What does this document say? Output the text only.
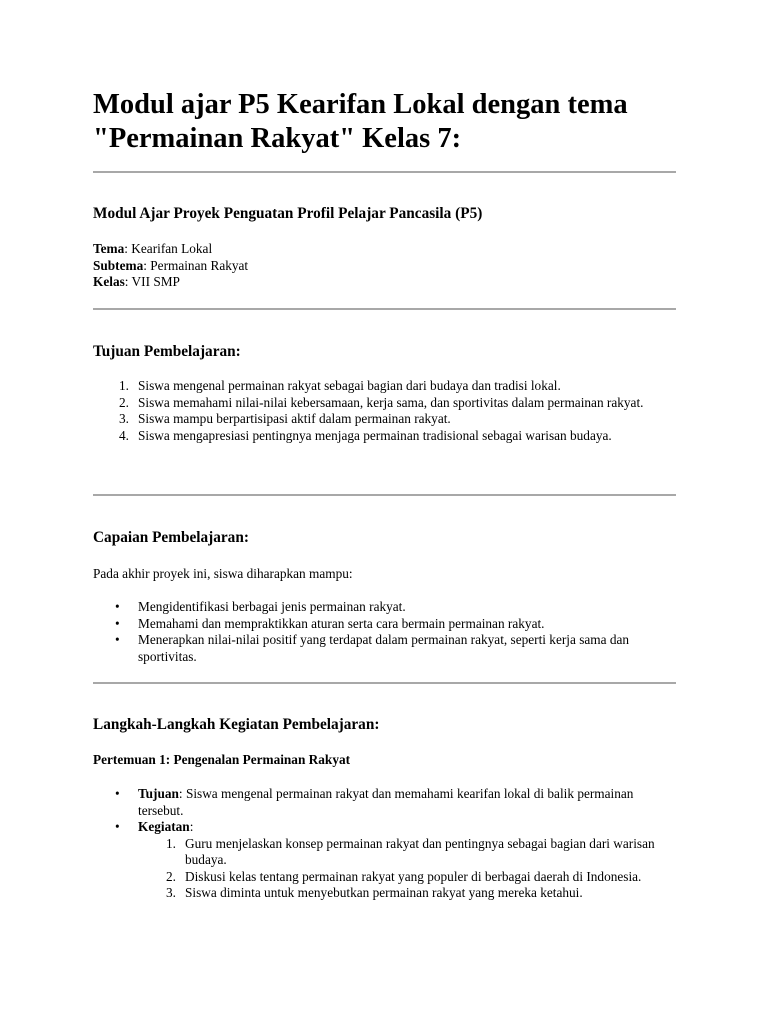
Modul ajar P5 Kearifan Lokal dengan tema "Permainan Rakyat" Kelas 7:
Modul Ajar Proyek Penguatan Profil Pelajar Pancasila (P5)
Tema: Kearifan Lokal
Subtema: Permainan Rakyat
Kelas: VII SMP
Tujuan Pembelajaran:
1. Siswa mengenal permainan rakyat sebagai bagian dari budaya dan tradisi lokal.
2. Siswa memahami nilai-nilai kebersamaan, kerja sama, dan sportivitas dalam permainan rakyat.
3. Siswa mampu berpartisipasi aktif dalam permainan rakyat.
4. Siswa mengapresiasi pentingnya menjaga permainan tradisional sebagai warisan budaya.
Capaian Pembelajaran:

Pada akhir proyek ini, siswa diharapkan mampu:

•	Mengidentifikasi berbagai jenis permainan rakyat.
•	Memahami dan mempraktikkan aturan serta cara bermain permainan rakyat.
•	Menerapkan nilai-nilai positif yang terdapat dalam permainan rakyat, seperti kerja sama dan sportivitas.
Langkah-Langkah Kegiatan Pembelajaran:
Pertemuan 1: Pengenalan Permainan Rakyat
•	Tujuan: Siswa mengenal permainan rakyat dan memahami kearifan lokal di balik permainan tersebut.
•	Kegiatan:
1. Guru menjelaskan konsep permainan rakyat dan pentingnya sebagai bagian dari warisan budaya.
2. Diskusi kelas tentang permainan rakyat yang populer di berbagai daerah di Indonesia.
3. Siswa diminta untuk menyebutkan permainan rakyat yang mereka ketahui.
